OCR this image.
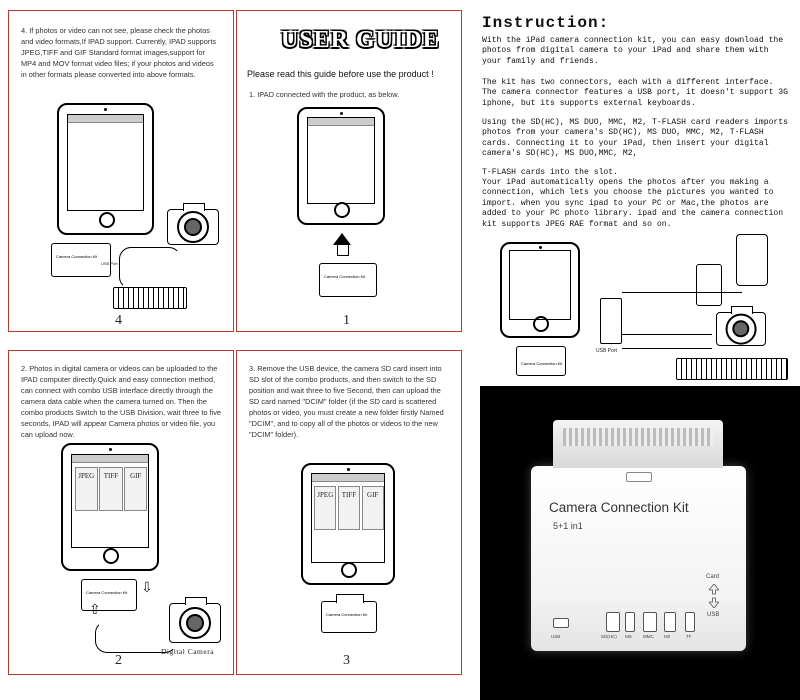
4. If photos or video can not see, please check the photos and video formats,If IPAD support. Currently, IPAD supports JPEG,TIFF and GIF Standard format images,support for MP4 and MOV format video files; if your photos and videos in other formats please converted into above formats.
Camera Connection Kit
USB Port
4
USER GUIDE
Please read this guide before use the product !
1. IPAD connected with the product, as below.
Camera Connection Kit
1
2. Photos in digital camera or videos can be uploaded to the IPAD computer directly.Quick and easy connection method, can connect with combo USB interface directly through the camera data cable when the camera turned on. Then the combo products Switch to the USB Division, wait three to five seconds, IPAD will appear Camera photos or video file, you can upload now.
JPEG	TIFF	GIF
Camera Connection Kit ⇩
⇧
Digital Camera
2
3. Remove the USB device, the camera SD card insert into SD slot of the combo products, and then switch to the SD position and wait three to five Second, then can upload the SD card named "DCIM" folder (if the SD card is scattered photos or video, you must create a new folder firstly Named "DCIM", and to copy all of the photos or videos to the new "DCIM" folder).
JPEG	TIFF	GIF
Camera Connection Kit
3
Instruction:
With the iPad camera connection kit, you can easy download the photos from digital camera to your iPad and share them with your family and friends.
The kit has two connectors, each with a different interface. The camera connector features a USB port, it doesn't support 3G iphone, but its supports external keyboards.
Using the SD(HC), MS DUO, MMC, M2, T-FLASH card readers imports photos from your camera's SD(HC), MS DUO, MMC, M2, T-FLASH cards. Connecting it to your iPad, then insert your digital camera's SD(HC), MS DUO,MMC, M2,
T-FLASH cards into the slot.
Your iPad automatically opens the photos after you making a connection, which lets you choose the pictures you wanted to import. when you sync ipad to your PC or Mac,the photos are added to your PC photo library. ipad and the camera connection kit supports JPEG RAE format and so on.
Camera Connection Kit
USB Port
Camera Connection Kit
5+1 in1
Card
USB
USB	SD(HC) MS	MMC M2	TF
